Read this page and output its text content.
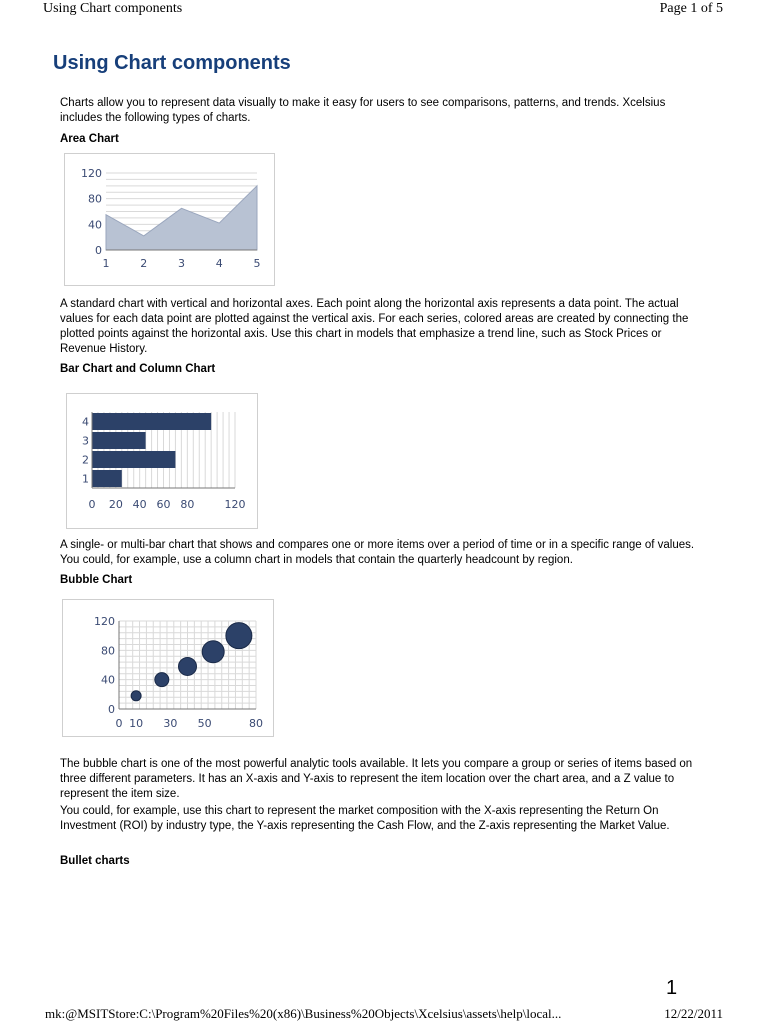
Using Chart components	Page 1 of 5
Using Chart components

Charts allow you to represent data visually to make it easy for users to see comparisons, patterns, and trends. Xcelsius includes the following types of charts.

Area Chart
0
40
80
120
1	2	3	4	5

A standard chart with vertical and horizontal axes. Each point along the horizontal axis represents a data point. The actual values for each data point are plotted against the vertical axis. For each series, colored areas are created by connecting the plotted points against the horizontal axis. Use this chart in models that emphasize a trend line, such as Stock Prices or Revenue History.

Bar Chart and Column Chart
1
2
3
4
0 20 40 60 80	120

A single- or multi-bar chart that shows and compares one or more items over a period of time or in a specific range of values. You could, for example, use a column chart in models that contain the quarterly headcount by region.

Bubble Chart
0
40
80
120
0 10 30 50	80

The bubble chart is one of the most powerful analytic tools available. It lets you compare a group or series of items based on three different parameters. It has an X-axis and Y-axis to represent the item location over the chart area, and a Z value to represent the item size.

You could, for example, use this chart to represent the market composition with the X-axis representing the Return On Investment (ROI) by industry type, the Y-axis representing the Cash Flow, and the Z-axis representing the Market Value.

Bullet charts
1
mk:@MSITStore:C:\Program%20Files%20(x86)\Business%20Objects\Xcelsius\assets\help\local...	12/22/2011
